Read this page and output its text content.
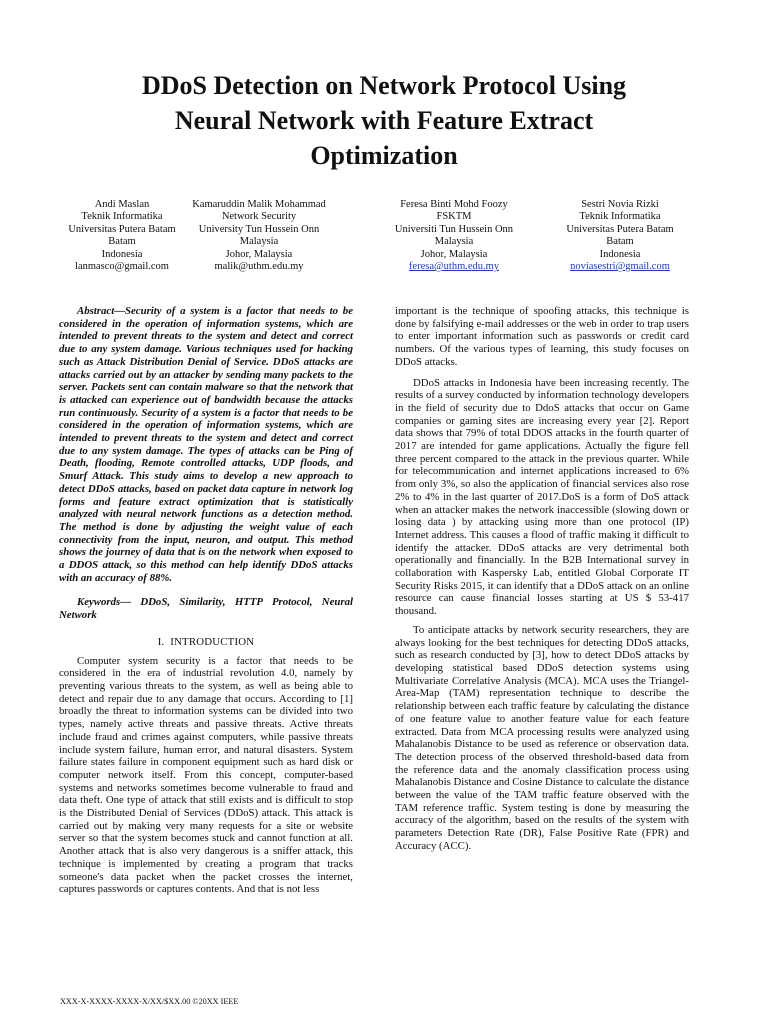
DDoS Detection on Network Protocol Using
Neural Network with Feature Extract
Optimization
Andi Maslan
Teknik Informatika
Universitas Putera Batam
Batam
Indonesia
lanmasco@gmail.com
Kamaruddin Malik Mohammad
Network Security
University Tun Hussein Onn
Malaysia
Johor, Malaysia
malik@uthm.edu.my
Feresa Binti Mohd Foozy
FSKTM
Universiti Tun Hussein Onn
Malaysia
Johor, Malaysia
feresa@uthm.edu.my
Sestri Novia Rizki
Teknik Informatika
Universitas Putera Batam
Batam
Indonesia
noviasestri@gmail.com

Abstract—Security of a system is a factor that needs to be considered in the operation of information systems, which are intended to prevent threats to the system and detect and correct due to any system damage. Various techniques used for hacking such as Attack Distribution Denial of Service. DDoS attacks are attacks carried out by an attacker by sending many packets to the server. Packets sent can contain malware so that the network that is attacked can experience out of bandwidth because the attacks run continuously. Security of a system is a factor that needs to be considered in the operation of information systems, which are intended to prevent threats to the system and detect and correct due to any system damage. The types of attacks can be Ping of Death, flooding, Remote controlled attacks, UDP floods, and Smurf Attack. This study aims to develop a new approach to detect DDoS attacks, based on packet data capture in network log forms and feature extract optimization that is statistically analyzed with neural network functions as a detection method. The method is done by adjusting the weight value of each connectivity from the input, neuron, and output. This method shows the journey of data that is on the network when exposed to a DDOS attack, so this method can help identify DDoS attacks with an accuracy of 88%.

Keywords— DDoS, Similarity, HTTP Protocol, Neural Network

I. INTRODUCTION

Computer system security is a factor that needs to be considered in the era of industrial revolution 4.0, namely by preventing various threats to the system, as well as being able to detect and repair due to any damage that occurs. According to [1] broadly the threat to information systems can be divided into two types, namely active threats and passive threats. Active threats include fraud and crimes against computers, while passive threats include system failure, human error, and natural disasters. System failure states failure in component equipment such as hard disk or computer network itself. From this concept, computer-based systems and networks sometimes become vulnerable to fraud and data theft. One type of attack that still exists and is difficult to stop is the Distributed Denial of Services (DDoS) attack. This attack is carried out by making very many requests for a site or website server so that the system becomes stuck and cannot function at all. Another attack that is also very dangerous is a sniffer attack, this technique is implemented by creating a program that tracks someone's data packet when the packet crosses the internet, captures passwords or captures contents. And that is not less

important is the technique of spoofing attacks, this technique is done by falsifying e-mail addresses or the web in order to trap users to enter important information such as passwords or credit card numbers. Of the various types of learning, this study focuses on DDoS attacks.

DDoS attacks in Indonesia have been increasing recently. The results of a survey conducted by information technology developers in the field of security due to DdoS attacks that occur on Game companies or gaming sites are increasing every year [2]. Report data shows that 79% of total DDOS attacks in the fourth quarter of 2017 are intended for game applications. Actually the figure fell three percent compared to the attack in the previous quarter. While for telecommunication and internet applications increased to 6% from only 3%, so also the application of financial services also rose 2% to 4% in the last quarter of 2017.DoS is a form of DoS attack when an attacker makes the network inaccessible (slowing down or losing data ) by attacking using more than one protocol (IP) Internet address. This causes a flood of traffic making it difficult to identify the attacker. DDoS attacks are very detrimental both operationally and financially. In the B2B International survey in collaboration with Kaspersky Lab, entitled Global Corporate IT Security Risks 2015, it can identify that a DDoS attack on an online resource can cause financial losses starting at US $ 53-417 thousand.

To anticipate attacks by network security researchers, they are always looking for the best techniques for detecting DDoS attacks, such as research conducted by [3], how to detect DDoS attacks by developing statistical based DDoS detection systems using Multivariate Correlative Analysis (MCA). MCA uses the Triangel-Area-Map (TAM) representation technique to describe the relationship between each traffic feature by calculating the distance of one feature value to another feature value for each feature extracted. Data from MCA processing results were analyzed using Mahalanobis Distance to be used as reference or observation data. The detection process of the observed threshold-based data from the reference data and the anomaly classification process using Mahalanobis Distance and Cosine Distance to calculate the distance between the value of the TAM traffic feature observed with the TAM reference traffic. System testing is done by measuring the accuracy of the algorithm, based on the results of the system with parameters Detection Rate (DR), False Positive Rate (FPR) and Accuracy (ACC).

XXX-X-XXXX-XXXX-X/XX/$XX.00 ©20XX IEEE
